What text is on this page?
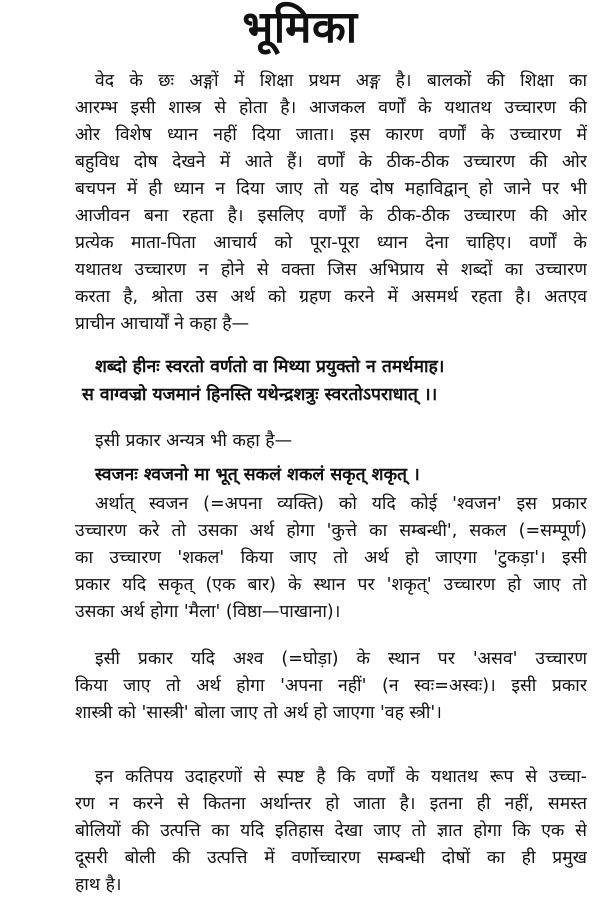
भूमिका
वेद के छः अङ्गों में शिक्षा प्रथम अङ्ग है। बालकों की शिक्षा का
आरम्भ इसी शास्त्र से होता है। आजकल वर्णों के यथातथ उच्चारण की
ओर विशेष ध्यान नहीं दिया जाता। इस कारण वर्णों के उच्चारण में
बहुविध दोष देखने में आते हैं। वर्णों के ठीक-ठीक उच्चारण की ओर
बचपन में ही ध्यान न दिया जाए तो यह दोष महाविद्वान् हो जाने पर भी
आजीवन बना रहता है। इसलिए वर्णों के ठीक-ठीक उच्चारण की ओर
प्रत्येक माता-पिता आचार्य को पूरा-पूरा ध्यान देना चाहिए। वर्णों के
यथातथ उच्चारण न होने से वक्ता जिस अभिप्राय से शब्दों का उच्चारण
करता है, श्रोता उस अर्थ को ग्रहण करने में असमर्थ रहता है। अतएव
प्राचीन आचार्यों ने कहा है—
शब्दो हीनः स्वरतो वर्णतो वा मिथ्या प्रयुक्तो न तमर्थमाह।
स वाग्वज्रो यजमानं हिनस्ति यथेन्द्रशत्रुः स्वरतोऽपराधात् ।।
इसी प्रकार अन्यत्र भी कहा है—
स्वजनः श्वजनो मा भूत् सकलं शकलं सकृत् शकृत् ।
अर्थात् स्वजन (=अपना व्यक्ति) को यदि कोई 'श्वजन' इस प्रकार
उच्चारण करे तो उसका अर्थ होगा 'कुत्ते का सम्बन्धी', सकल (=सम्पूर्ण)
का उच्चारण 'शकल' किया जाए तो अर्थ हो जाएगा 'टुकड़ा'। इसी
प्रकार यदि सकृत् (एक बार) के स्थान पर 'शकृत्' उच्चारण हो जाए तो
उसका अर्थ होगा 'मैला' (विष्ठा—पाखाना)।
इसी प्रकार यदि अश्व (=घोड़ा) के स्थान पर 'असव' उच्चारण
किया जाए तो अर्थ होगा 'अपना नहीं' (न स्वः=अस्वः)। इसी प्रकार
शास्त्री को 'सास्त्री' बोला जाए तो अर्थ हो जाएगा 'वह स्त्री'।
इन कतिपय उदाहरणों से स्पष्ट है कि वर्णों के यथातथ रूप से उच्चा-
रण न करने से कितना अर्थान्तर हो जाता है। इतना ही नहीं, समस्त
बोलियों की उत्पत्ति का यदि इतिहास देखा जाए तो ज्ञात होगा कि एक से
दूसरी बोली की उत्पत्ति में वर्णोच्चारण सम्बन्धी दोषों का ही प्रमुख
हाथ है।
